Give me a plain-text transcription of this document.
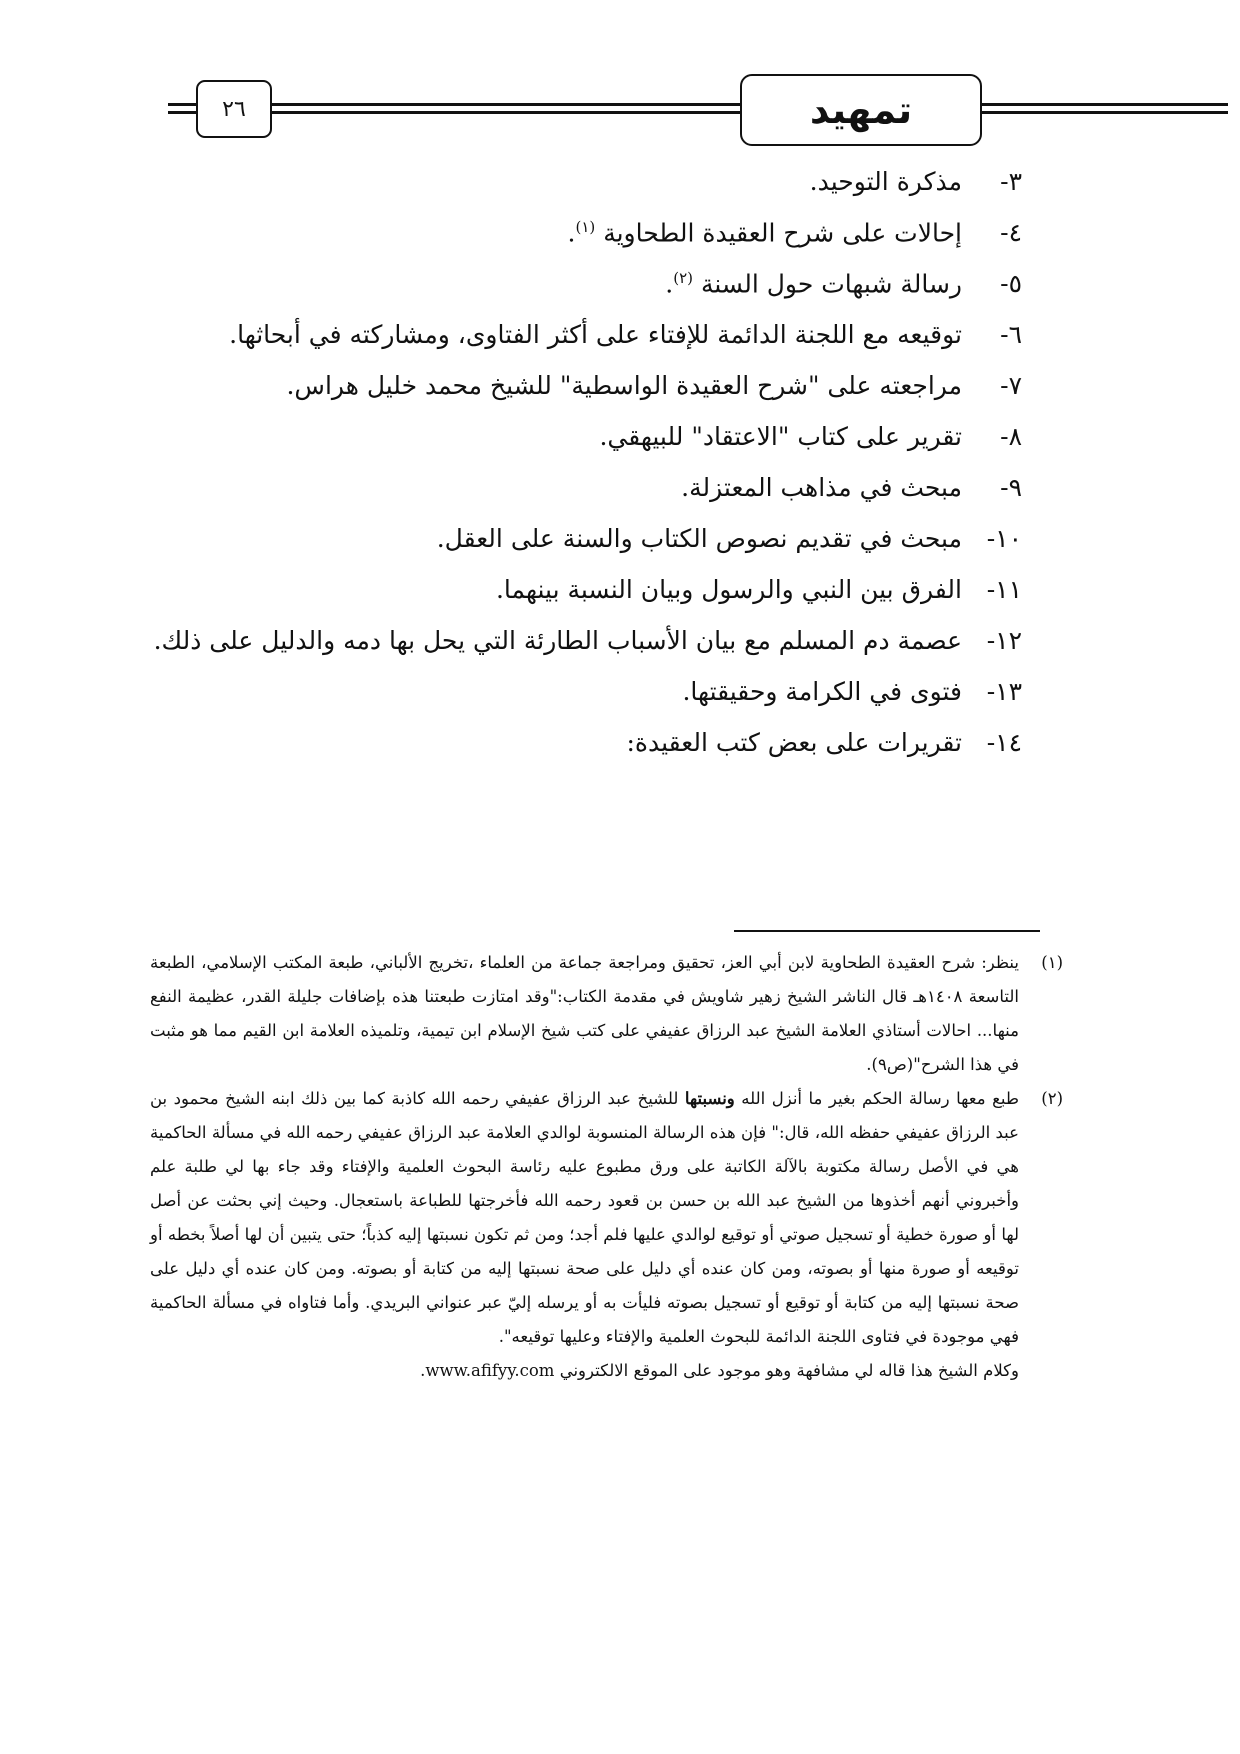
٢٦	تمهيد
٣-
مذكرة التوحيد.
٤-
إحالات على شرح العقيدة الطحاوية $^{(١)}$.
٥-
رسالة شبهات حول السنة $^{(٢)}$.
٦-
توقيعه مع اللجنة الدائمة للإفتاء على أكثر الفتاوى، ومشاركته في أبحاثها.
٧-
مراجعته على "شرح العقيدة الواسطية" للشيخ محمد خليل هراس.
٨-
تقرير على كتاب "الاعتقاد" للبيهقي.
٩-
مبحث في مذاهب المعتزلة.
١٠-
مبحث في تقديم نصوص الكتاب والسنة على العقل.
١١-
الفرق بين النبي والرسول وبيان النسبة بينهما.
١٢-
عصمة دم المسلم مع بيان الأسباب الطارئة التي يحل بها دمه والدليل على ذلك.
١٣-
فتوى في الكرامة وحقيقتها.
١٤-
تقريرات على بعض كتب العقيدة:
(١)
ينظر: شرح العقيدة الطحاوية لابن أبي العز، تحقيق ومراجعة جماعة من العلماء ،تخريج الألباني، طبعة المكتب الإسلامي، الطبعة التاسعة ١٤٠٨هـ قال الناشر الشيخ زهير شاويش في مقدمة الكتاب:"وقد امتازت طبعتنا هذه بإضافات جليلة القدر، عظيمة النفع منها... احالات أستاذي العلامة الشيخ عبد الرزاق عفيفي على كتب شيخ الإسلام ابن تيمية، وتلميذه العلامة ابن القيم مما هو مثبت في هذا الشرح"(ص٩).
(٢)
طبع معها رسالة الحكم بغير ما أنزل الله ونسبتها للشيخ عبد الرزاق عفيفي رحمه الله كاذبة كما بين ذلك ابنه الشيخ محمود بن عبد الرزاق عفيفي حفظه الله، قال:" فإن هذه الرسالة المنسوبة لوالدي العلامة عبد الرزاق عفيفي رحمه الله في مسألة الحاكمية هي في الأصل رسالة مكتوبة بالآلة الكاتبة على ورق مطبوع عليه رئاسة البحوث العلمية والإفتاء وقد جاء بها لي طلبة علم وأخبروني أنهم أخذوها من الشيخ عبد الله بن حسن بن قعود رحمه الله فأخرجتها للطباعة باستعجال. وحيث إني بحثت عن أصل لها أو صورة خطية أو تسجيل صوتي أو توقيع لوالدي عليها فلم أجد؛ ومن ثم تكون نسبتها إليه كذباً؛ حتى يتبين أن لها أصلاً بخطه أو توقيعه أو صورة منها أو بصوته، ومن كان عنده أي دليل على صحة نسبتها إليه من كتابة أو بصوته. ومن كان عنده أي دليل على صحة نسبتها إليه من كتابة أو توقيع أو تسجيل بصوته فليأت به أو يرسله إليّ عبر عنواني البريدي. وأما فتاواه في مسألة الحاكمية فهي موجودة في فتاوى اللجنة الدائمة للبحوث العلمية والإفتاء وعليها توقيعه".
وكلام الشيخ هذا قاله لي مشافهة وهو موجود على الموقع الالكتروني www.afifyy.com.
